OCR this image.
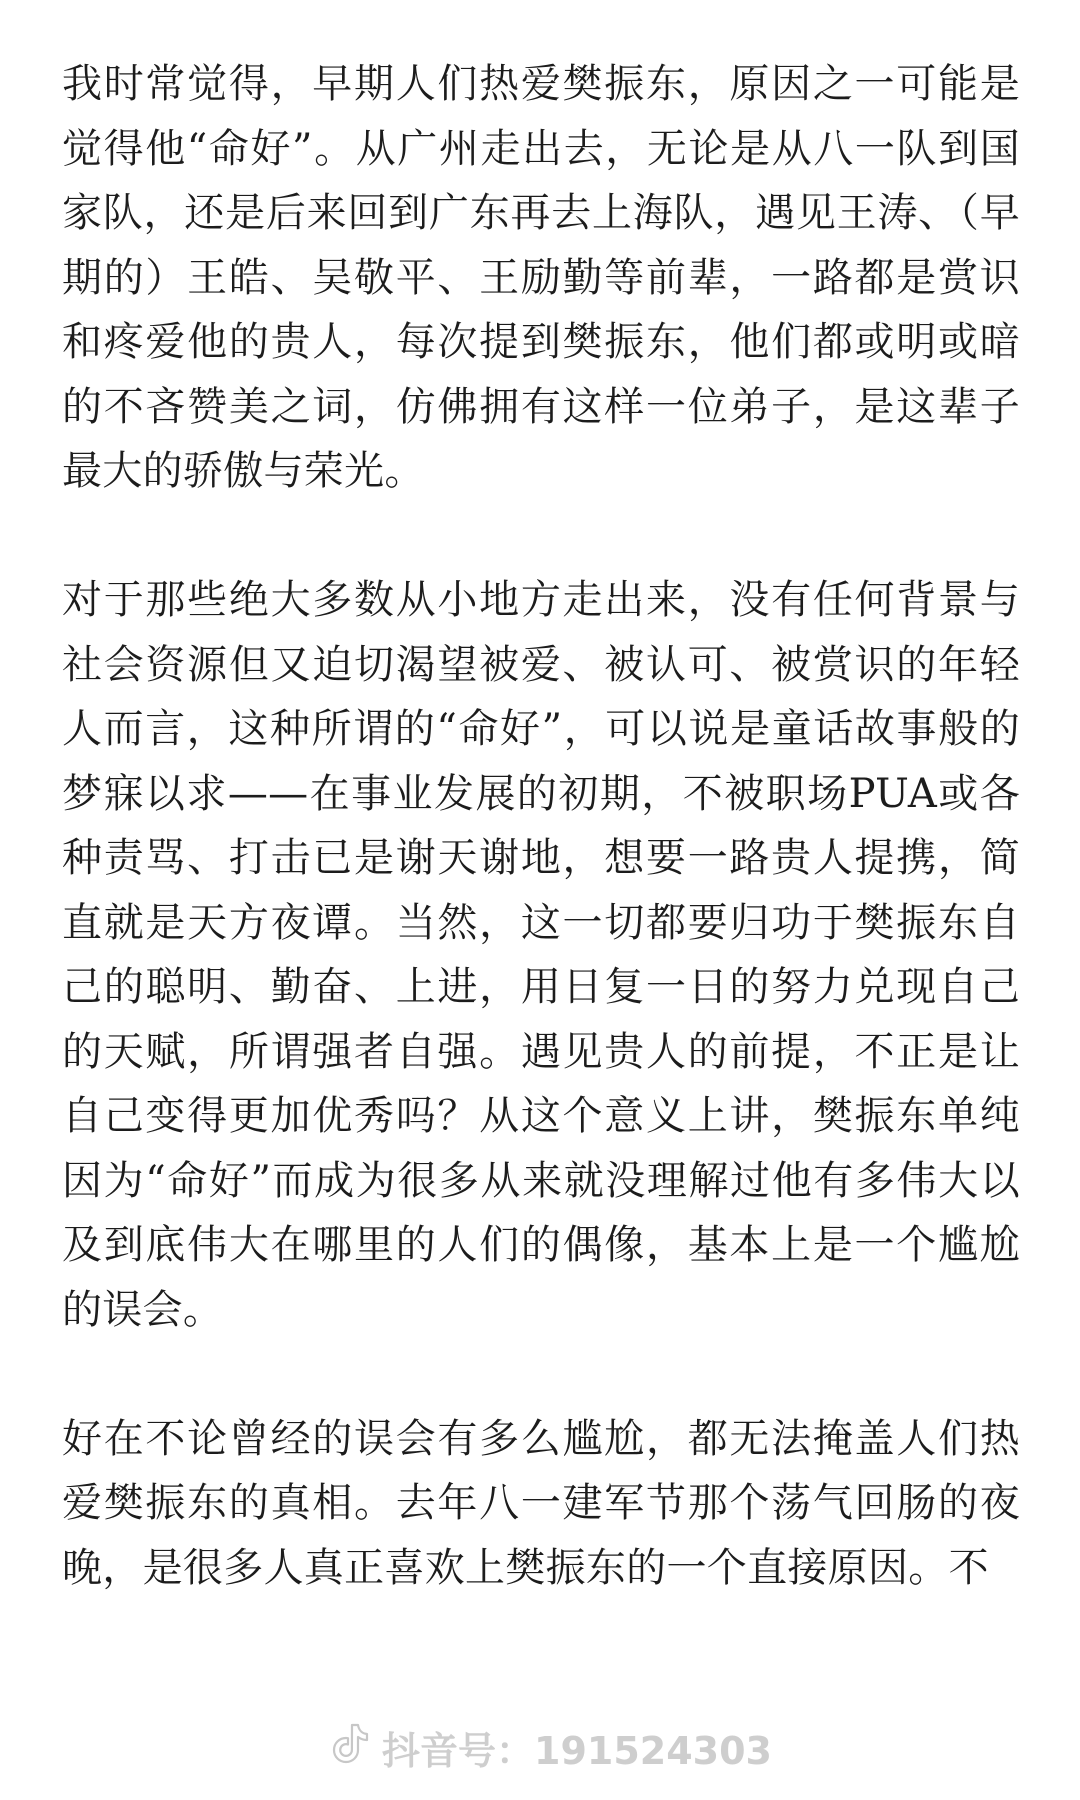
我时常觉得，早期人们热爱樊振东，原因之一可能是觉得他“命好”。从广州走出去，无论是从八一队到国家队，还是后来回到广东再去上海队，遇见王涛、（早期的）王皓、吴敬平、王励勤等前辈，一路都是赏识和疼爱他的贵人，每次提到樊振东，他们都或明或暗的不吝赞美之词，仿佛拥有这样一位弟子，是这辈子最大的骄傲与荣光。

对于那些绝大多数从小地方走出来，没有任何背景与社会资源但又迫切渴望被爱、被认可、被赏识的年轻人而言，这种所谓的“命好”，可以说是童话故事般的梦寐以求——在事业发展的初期，不被职场PUA或各种责骂、打击已是谢天谢地，想要一路贵人提携，简直就是天方夜谭。当然，这一切都要归功于樊振东自己的聪明、勤奋、上进，用日复一日的努力兑现自己的天赋，所谓强者自强。遇见贵人的前提，不正是让自己变得更加优秀吗？从这个意义上讲，樊振东单纯因为“命好”而成为很多从来就没理解过他有多伟大以及到底伟大在哪里的人们的偶像，基本上是一个尴尬的误会。

好在不论曾经的误会有多么尴尬，都无法掩盖人们热爱樊振东的真相。去年八一建军节那个荡气回肠的夜晚，是很多人真正喜欢上樊振东的一个直接原因。不

抖音号：191524303
